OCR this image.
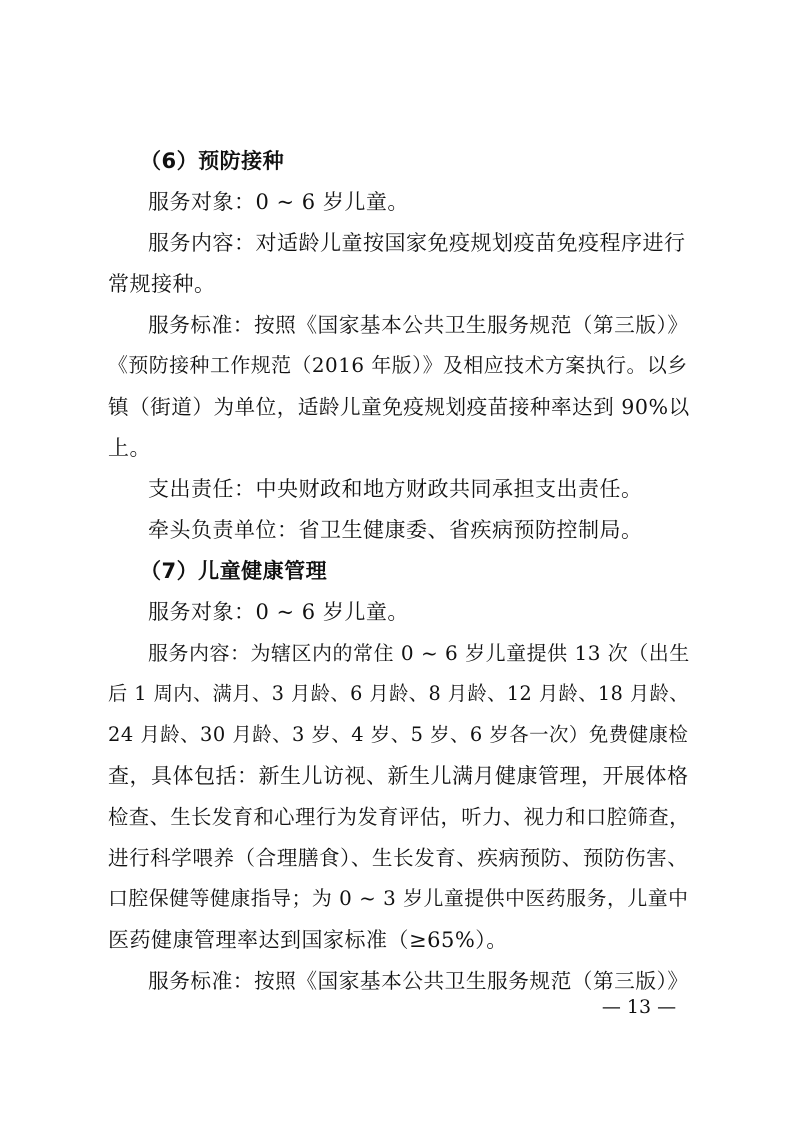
（6）预防接种
服务对象：0 ~ 6 岁儿童。
服务内容：对适龄儿童按国家免疫规划疫苗免疫程序进行
常规接种。
服务标准：按照《国家基本公共卫生服务规范（第三版）》
《预防接种工作规范（2016 年版）》及相应技术方案执行。以乡
镇（街道）为单位，适龄儿童免疫规划疫苗接种率达到 90%以
上。
支出责任：中央财政和地方财政共同承担支出责任。
牵头负责单位：省卫生健康委、省疾病预防控制局。
（7）儿童健康管理
服务对象：0 ~ 6 岁儿童。
服务内容：为辖区内的常住 0 ~ 6 岁儿童提供 13 次（出生
后 1 周内、满月、3 月龄、6 月龄、8 月龄、12 月龄、18 月龄、
24 月龄、30 月龄、3 岁、4 岁、5 岁、6 岁各一次）免费健康检
查，具体包括：新生儿访视、新生儿满月健康管理，开展体格
检查、生长发育和心理行为发育评估，听力、视力和口腔筛查，
进行科学喂养（合理膳食）、生长发育、疾病预防、预防伤害、
口腔保健等健康指导；为 0 ~ 3 岁儿童提供中医药服务，儿童中
医药健康管理率达到国家标准（≥65%）。
服务标准：按照《国家基本公共卫生服务规范（第三版）》
— 13 —
